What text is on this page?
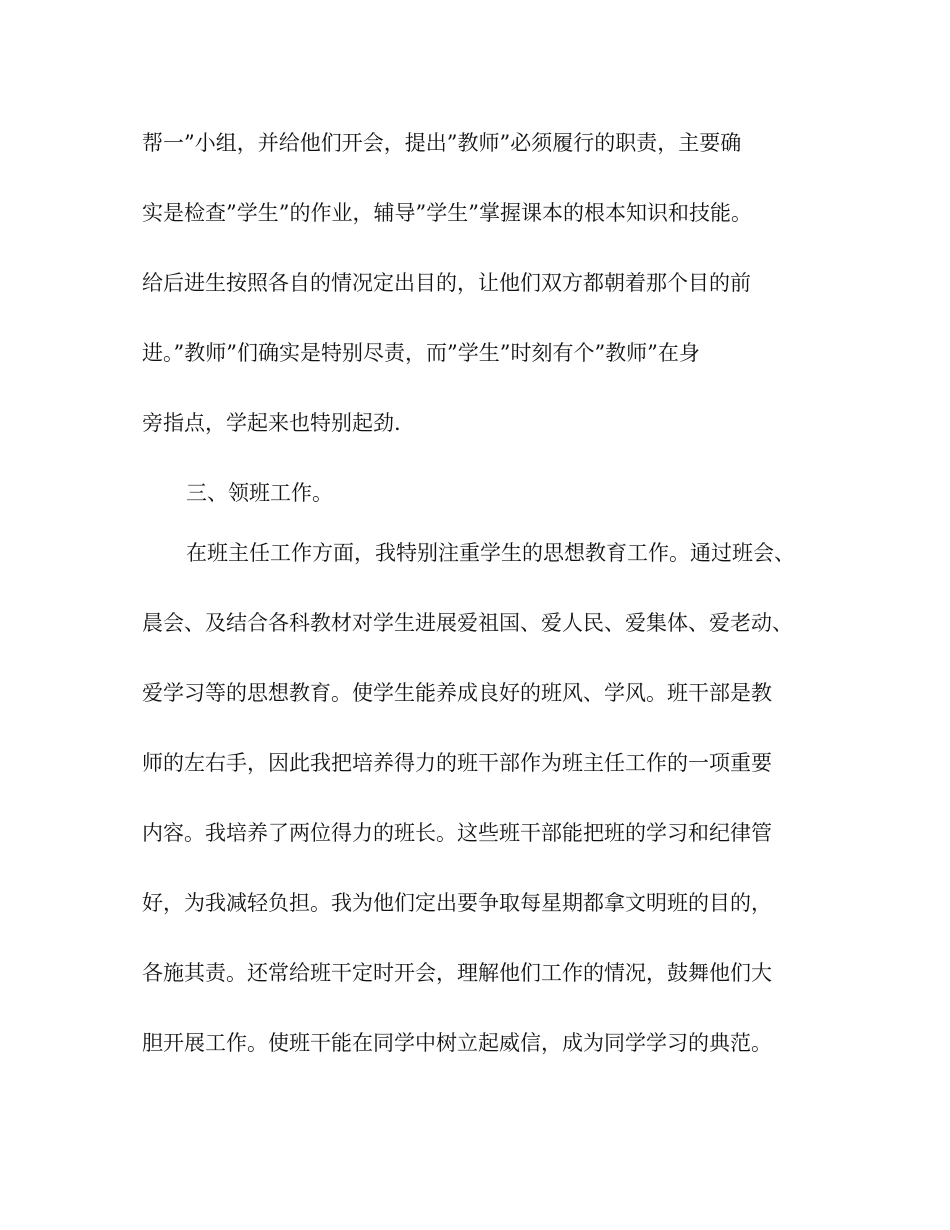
帮一”小组，并给他们开会，提出”教师”必须履行的职责，主要确
实是检查”学生”的作业，辅导”学生”掌握课本的根本知识和技能。
给后进生按照各自的情况定出目的，让他们双方都朝着那个目的前
进。”教师”们确实是特别尽责，而”学生”时刻有个”教师”在身
旁指点，学起来也特别起劲.
三、领班工作。
在班主任工作方面，我特别注重学生的思想教育工作。通过班会、
晨会、及结合各科教材对学生进展爱祖国、爱人民、爱集体、爱老动、
爱学习等的思想教育。使学生能养成良好的班风、学风。班干部是教
师的左右手，因此我把培养得力的班干部作为班主任工作的一项重要
内容。我培养了两位得力的班长。这些班干部能把班的学习和纪律管
好，为我减轻负担。我为他们定出要争取每星期都拿文明班的目的，
各施其责。还常给班干定时开会，理解他们工作的情况，鼓舞他们大
胆开展工作。使班干能在同学中树立起威信，成为同学学习的典范。
